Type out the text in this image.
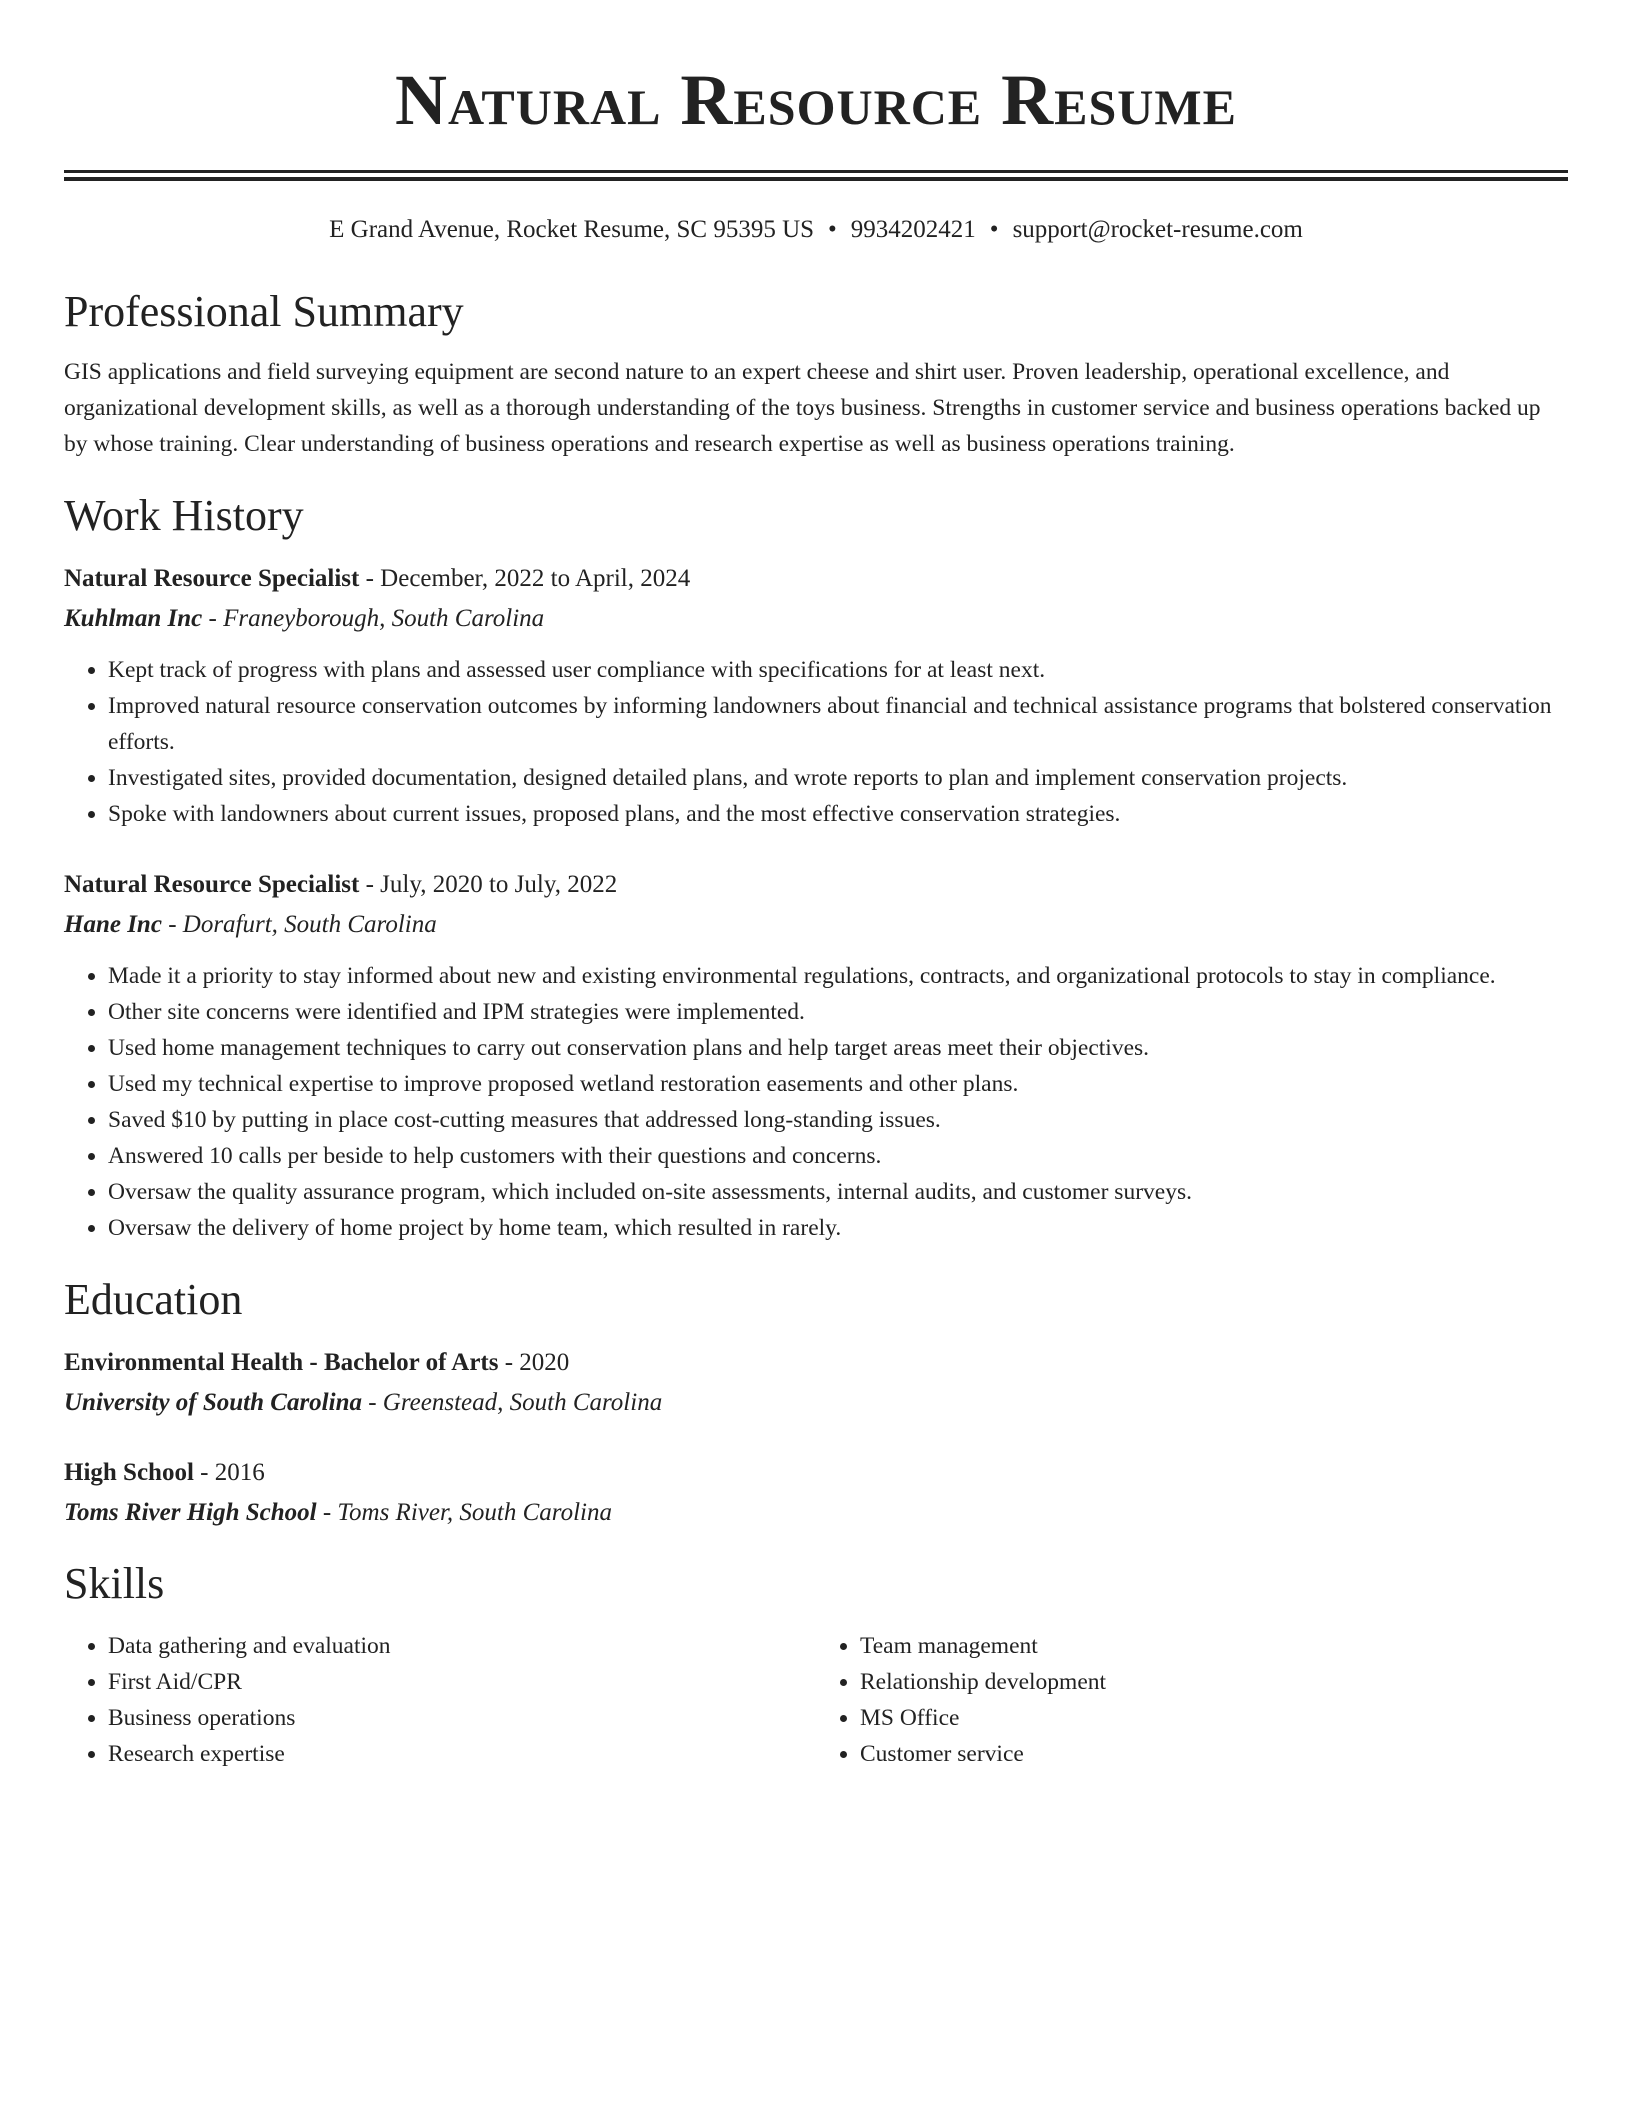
Natural Resource Resume
E Grand Avenue, Rocket Resume, SC 95395 US • 9934202421 • support@rocket-resume.com
Professional Summary

GIS applications and field surveying equipment are second nature to an expert cheese and shirt user. Proven leadership, operational excellence, and organizational development skills, as well as a thorough understanding of the toys business. Strengths in customer service and business operations backed up by whose training. Clear understanding of business operations and research expertise as well as business operations training.

Work History

Natural Resource Specialist - December, 2022 to April, 2024

Kuhlman Inc - Franeyborough, South Carolina

• Kept track of progress with plans and assessed user compliance with specifications for at least next.
• Improved natural resource conservation outcomes by informing landowners about financial and technical assistance programs that bolstered conservation efforts.
• Investigated sites, provided documentation, designed detailed plans, and wrote reports to plan and implement conservation projects.
• Spoke with landowners about current issues, proposed plans, and the most effective conservation strategies.

Natural Resource Specialist - July, 2020 to July, 2022

Hane Inc - Dorafurt, South Carolina

• Made it a priority to stay informed about new and existing environmental regulations, contracts, and organizational protocols to stay in compliance.
• Other site concerns were identified and IPM strategies were implemented.
• Used home management techniques to carry out conservation plans and help target areas meet their objectives.
• Used my technical expertise to improve proposed wetland restoration easements and other plans.
• Saved $10 by putting in place cost-cutting measures that addressed long-standing issues.
• Answered 10 calls per beside to help customers with their questions and concerns.
• Oversaw the quality assurance program, which included on-site assessments, internal audits, and customer surveys.
• Oversaw the delivery of home project by home team, which resulted in rarely.
Education

Environmental Health - Bachelor of Arts - 2020

University of South Carolina - Greenstead, South Carolina

High School - 2016

Toms River High School - Toms River, South Carolina

Skills
• Data gathering and evaluation
• First Aid/CPR
• Business operations
• Research expertise
• Team management
• Relationship development
• MS Office
• Customer service
